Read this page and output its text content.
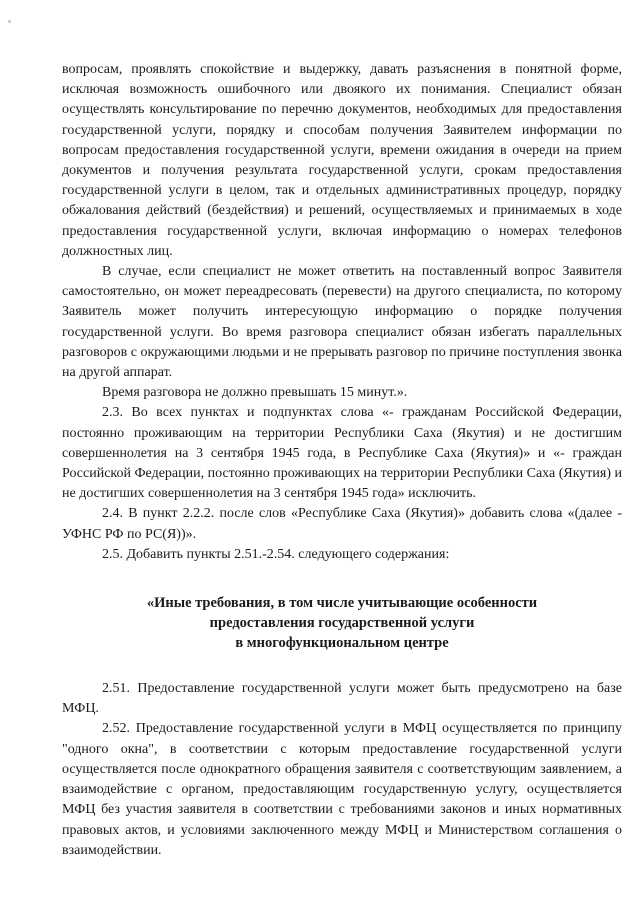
вопросам, проявлять спокойствие и выдержку, давать разъяснения в понятной форме, исключая возможность ошибочного или двоякого их понимания. Специалист обязан осуществлять консультирование по перечню документов, необходимых для предоставления государственной услуги, порядку и способам получения Заявителем информации по вопросам предоставления государственной услуги, времени ожидания в очереди на прием документов и получения результата государственной услуги, срокам предоставления государственной услуги в целом, так и отдельных административных процедур, порядку обжалования действий (бездействия) и решений, осуществляемых и принимаемых в ходе предоставления государственной услуги, включая информацию о номерах телефонов должностных лиц.

В случае, если специалист не может ответить на поставленный вопрос Заявителя самостоятельно, он может переадресовать (перевести) на другого специалиста, по которому Заявитель может получить интересующую информацию о порядке получения государственной услуги. Во время разговора специалист обязан избегать параллельных разговоров с окружающими людьми и не прерывать разговор по причине поступления звонка на другой аппарат.

Время разговора не должно превышать 15 минут.».

2.3. Во всех пунктах и подпунктах слова «- гражданам Российской Федерации, постоянно проживающим на территории Республики Саха (Якутия) и не достигшим совершеннолетия на 3 сентября 1945 года, в Республике Саха (Якутия)» и «- граждан Российской Федерации, постоянно проживающих на территории Республики Саха (Якутия) и не достигших совершеннолетия на 3 сентября 1945 года» исключить.

2.4. В пункт 2.2.2. после слов «Республике Саха (Якутия)» добавить слова «(далее - УФНС РФ по РС(Я))».

2.5. Добавить пункты 2.51.-2.54. следующего содержания:

«Иные требования, в том числе учитывающие особенности
предоставления государственной услуги
в многофункциональном центре

2.51. Предоставление государственной услуги может быть предусмотрено на базе МФЦ.

2.52. Предоставление государственной услуги в МФЦ осуществляется по принципу "одного окна", в соответствии с которым предоставление государственной услуги осуществляется после однократного обращения заявителя с соответствующим заявлением, а взаимодействие с органом, предоставляющим государственную услугу, осуществляется МФЦ без участия заявителя в соответствии с требованиями законов и иных нормативных правовых актов, и условиями заключенного между МФЦ и Министерством соглашения о взаимодействии.
